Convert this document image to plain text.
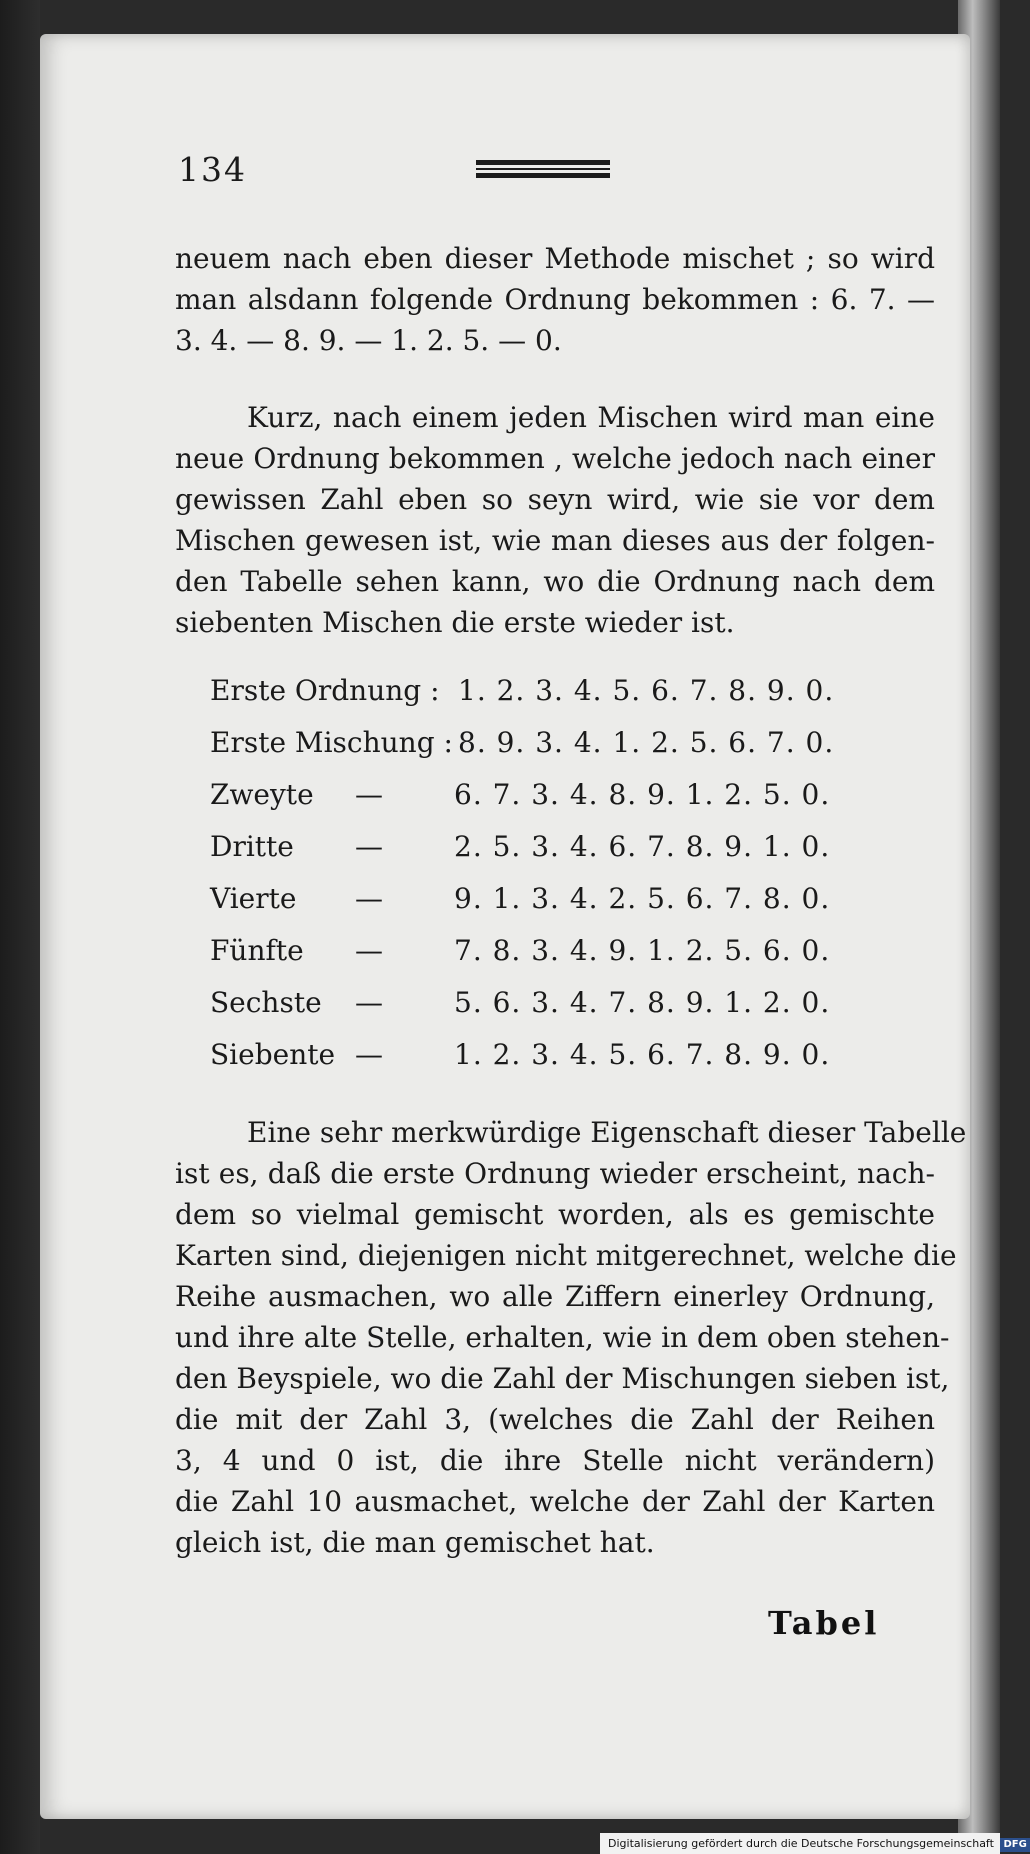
134
neuem nach eben dieser Methode mischet ; so wird
man alsdann folgende Ordnung bekommen : 6. 7. —
3. 4. — 8. 9. — 1. 2. 5. — 0.
Kurz, nach einem jeden Mischen wird man eine
neue Ordnung bekommen , welche jedoch nach einer
gewissen Zahl eben so seyn wird, wie sie vor dem
Mischen gewesen ist, wie man dieses aus der folgen-
den Tabelle sehen kann, wo die Ordnung nach dem
siebenten Mischen die erste wieder ist.
Erste Ordnung : 1. 2. 3. 4. 5. 6. 7. 8. 9. 0.
Erste Mischung : 8. 9. 3. 4. 1. 2. 5. 6. 7. 0.
Zweyte —	6. 7. 3. 4. 8. 9. 1. 2. 5. 0.
Dritte —	2. 5. 3. 4. 6. 7. 8. 9. 1. 0.
Vierte —	9. 1. 3. 4. 2. 5. 6. 7. 8. 0.
Fünfte —	7. 8. 3. 4. 9. 1. 2. 5. 6. 0.
Sechste —	5. 6. 3. 4. 7. 8. 9. 1. 2. 0.
Siebente —	1. 2. 3. 4. 5. 6. 7. 8. 9. 0.
Eine sehr merkwürdige Eigenschaft dieser Tabelle
ist es, daß die erste Ordnung wieder erscheint, nach-
dem so vielmal gemischt worden, als es gemischte
Karten sind, diejenigen nicht mitgerechnet, welche die
Reihe ausmachen, wo alle Ziffern einerley Ordnung,
und ihre alte Stelle, erhalten, wie in dem oben stehen-
den Beyspiele, wo die Zahl der Mischungen sieben ist,
die mit der Zahl 3, (welches die Zahl der Reihen
3, 4 und 0 ist, die ihre Stelle nicht verändern)
die Zahl 10 ausmachet, welche der Zahl der Karten
gleich ist, die man gemischet hat.
Tabel
Digitalisierung gefördert durch die Deutsche Forschungsgemeinschaft DFG
